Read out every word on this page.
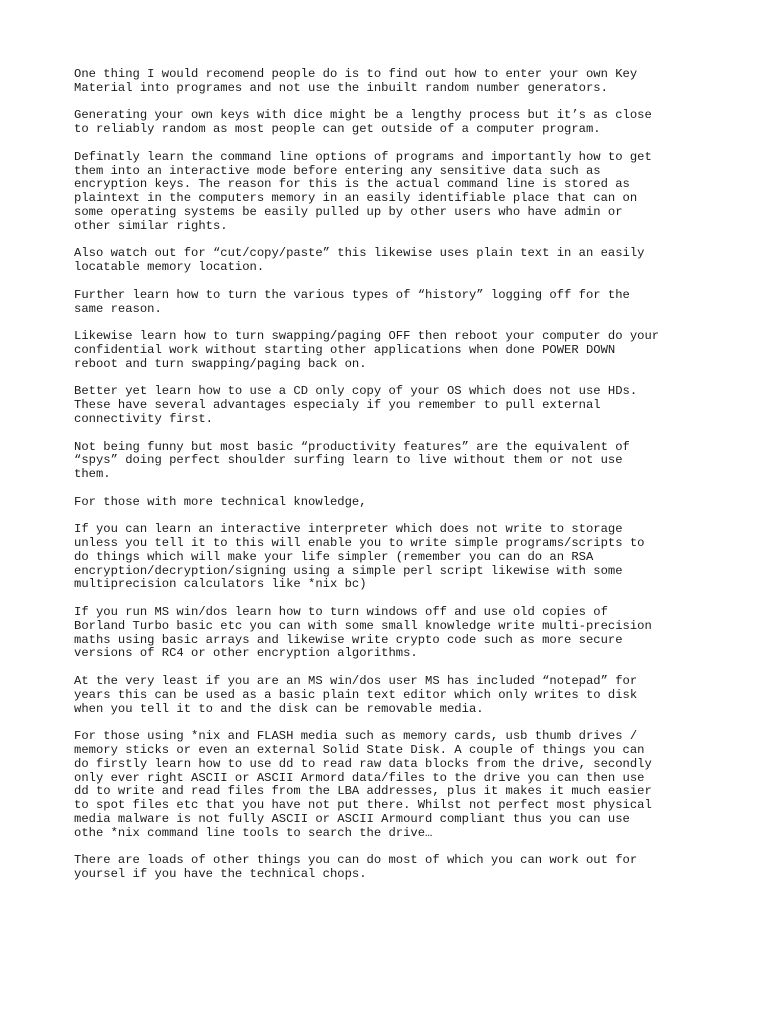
One thing I would recomend people do is to find out how to enter your own Key
Material into programes and not use the inbuilt random number generators.

Generating your own keys with dice might be a lengthy process but it’s as close
to reliably random as most people can get outside of a computer program.

Definatly learn the command line options of programs and importantly how to get
them into an interactive mode before entering any sensitive data such as
encryption keys. The reason for this is the actual command line is stored as
plaintext in the computers memory in an easily identifiable place that can on
some operating systems be easily pulled up by other users who have admin or
other similar rights.

Also watch out for “cut/copy/paste” this likewise uses plain text in an easily
locatable memory location.

Further learn how to turn the various types of “history” logging off for the
same reason.

Likewise learn how to turn swapping/paging OFF then reboot your computer do your
confidential work without starting other applications when done POWER DOWN
reboot and turn swapping/paging back on.

Better yet learn how to use a CD only copy of your OS which does not use HDs.
These have several advantages especialy if you remember to pull external
connectivity first.

Not being funny but most basic “productivity features” are the equivalent of
“spys” doing perfect shoulder surfing learn to live without them or not use
them.

For those with more technical knowledge,

If you can learn an interactive interpreter which does not write to storage
unless you tell it to this will enable you to write simple programs/scripts to
do things which will make your life simpler (remember you can do an RSA
encryption/decryption/signing using a simple perl script likewise with some
multiprecision calculators like *nix bc)

If you run MS win/dos learn how to turn windows off and use old copies of
Borland Turbo basic etc you can with some small knowledge write multi-precision
maths using basic arrays and likewise write crypto code such as more secure
versions of RC4 or other encryption algorithms.

At the very least if you are an MS win/dos user MS has included “notepad” for
years this can be used as a basic plain text editor which only writes to disk
when you tell it to and the disk can be removable media.

For those using *nix and FLASH media such as memory cards, usb thumb drives /
memory sticks or even an external Solid State Disk. A couple of things you can
do firstly learn how to use dd to read raw data blocks from the drive, secondly
only ever right ASCII or ASCII Armord data/files to the drive you can then use
dd to write and read files from the LBA addresses, plus it makes it much easier
to spot files etc that you have not put there. Whilst not perfect most physical
media malware is not fully ASCII or ASCII Armourd compliant thus you can use
othe *nix command line tools to search the drive…

There are loads of other things you can do most of which you can work out for
yoursel if you have the technical chops.
